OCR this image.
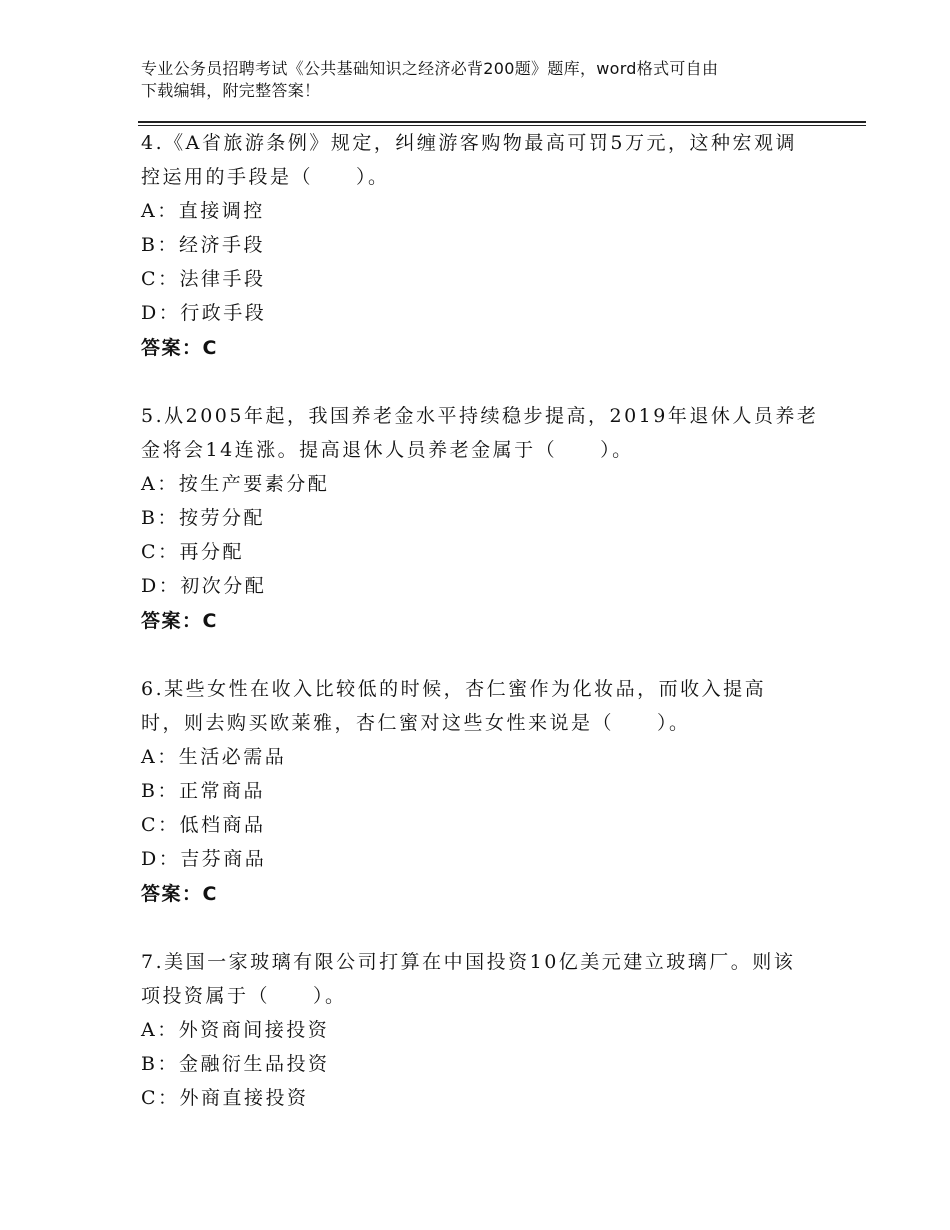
专业公务员招聘考试《公共基础知识之经济必背200题》题库，word格式可自由
下载编辑，附完整答案！
4.《A省旅游条例》规定，纠缠游客购物最高可罚5万元，这种宏观调
控运用的手段是（　　）。
A：直接调控
B：经济手段
C：法律手段
D：行政手段
答案：C
5.从2005年起，我国养老金水平持续稳步提高，2019年退休人员养老
金将会14连涨。提高退休人员养老金属于（　　）。
A：按生产要素分配
B：按劳分配
C：再分配
D：初次分配
答案：C
6.某些女性在收入比较低的时候，杏仁蜜作为化妆品，而收入提高
时，则去购买欧莱雅，杏仁蜜对这些女性来说是（　　）。
A：生活必需品
B：正常商品
C：低档商品
D：吉芬商品
答案：C
7.美国一家玻璃有限公司打算在中国投资10亿美元建立玻璃厂。则该
项投资属于（　　）。
A：外资商间接投资
B：金融衍生品投资
C：外商直接投资
